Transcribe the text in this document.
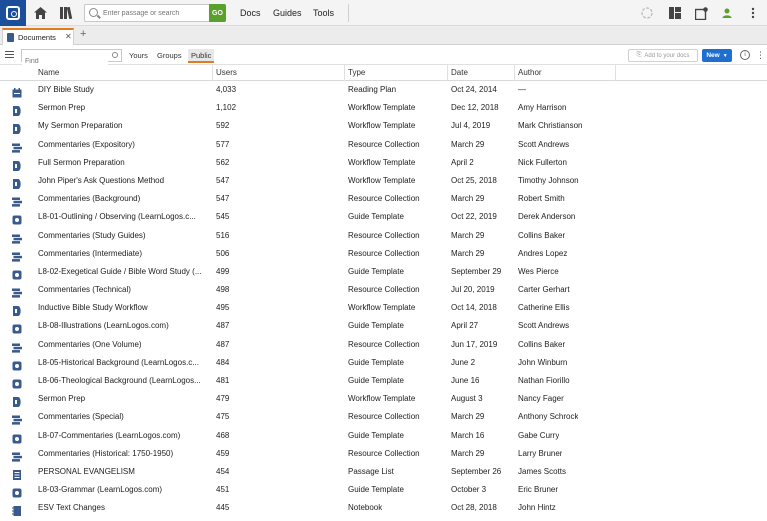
Enter passage or search
GO	Docs Guides Tools
Documents ✕ +
Find
Yours	Groups	Public	⎘ Add to your docs	New ▼	i	⋮
Name	Users	Type	Date	Author
DIY Bible Study	4,033	Reading Plan	Oct 24, 2014	—
Sermon Prep	1,102	Workflow Template	Dec 12, 2018 Amy Harrison
My Sermon Preparation	592	Workflow Template	Jul 4, 2019	Mark Christianson
Commentaries (Expository)	577	Resource Collection	March 29	Scott Andrews
Full Sermon Preparation	562	Workflow Template	April 2	Nick Fullerton
John Piper's Ask Questions Method	547	Workflow Template	Oct 25, 2018	Timothy Johnson
Commentaries (Background)	547	Resource Collection	March 29	Robert Smith
L8-01-Outlining / Observing (LearnLogos.c...	545	Guide Template	Oct 22, 2019	Derek Anderson
Commentaries (Study Guides)	516	Resource Collection	March 29	Collins Baker
Commentaries (Intermediate)	506	Resource Collection	March 29	Andres Lopez
L8-02-Exegetical Guide / Bible Word Study (...	499	Guide Template	September 29 Wes Pierce
Commentaries (Technical)	498	Resource Collection	Jul 20, 2019	Carter Gerhart
Inductive Bible Study Workflow	495	Workflow Template	Oct 14, 2018	Catherine Ellis
L8-08-Illustrations (LearnLogos.com)	487	Guide Template	April 27	Scott Andrews
Commentaries (One Volume)	487	Resource Collection	Jun 17, 2019	Collins Baker
L8-05-Historical Background (LearnLogos.c...	484	Guide Template	June 2	John Winburn
L8-06-Theological Background (LearnLogos...	481	Guide Template	June 16	Nathan Fiorillo
Sermon Prep	479	Workflow Template	August 3	Nancy Fager
Commentaries (Special)	475	Resource Collection	March 29	Anthony Schrock
L8-07-Commentaries (LearnLogos.com)	468	Guide Template	March 16	Gabe Curry
Commentaries (Historical: 1750-1950)	459	Resource Collection	March 29	Larry Bruner
PERSONAL EVANGELISM	454	Passage List	September 26 James Scotts
L8-03-Grammar (LearnLogos.com)	451	Guide Template	October 3	Eric Bruner
ESV Text Changes	445	Notebook	Oct 28, 2018	John Hintz
